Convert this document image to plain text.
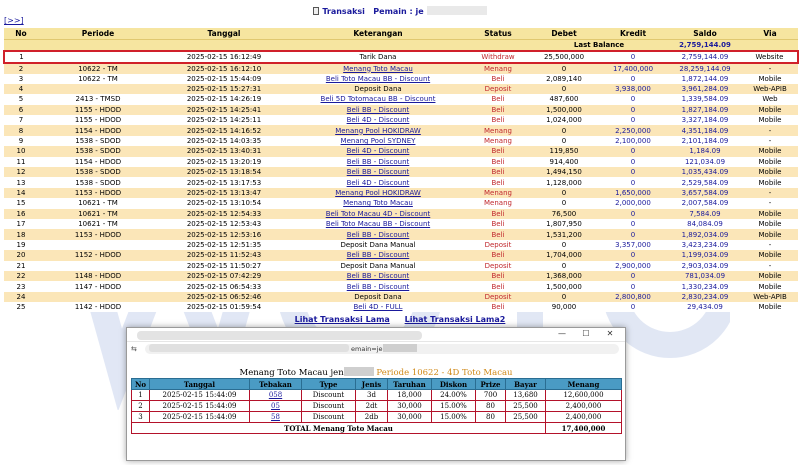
Transaksi Pemain : je
[>>]
No	Periode	Tanggal	Keterangan	Status	Debet	Kredit	Saldo	Via
					Last Balance		2,759,144.09	
1		2025-02-15 16:12:49	Tarik Dana	Withdraw	25,500,000	0	2,759,144.09	Website
2	10622 - TM	2025-02-15 16:12:10	Menang Toto Macau	Menang	0	17,400,000	28,259,144.09	-
3	10622 - TM	2025-02-15 15:44:09	Beli Toto Macau BB - Discount	Beli	2,089,140	0	1,872,144.09	Mobile
4		2025-02-15 15:27:31	Deposit Dana	Deposit	0	3,938,000	3,961,284.09	Web-APIB
5	2413 - TMSD	2025-02-15 14:26:19	Beli 5D Totomacau BB - Discount	Beli	487,600	0	1,339,584.09	Web
6	1155 - HDOD	2025-02-15 14:25:41	Beli BB - Discount	Beli	1,500,000	0	1,827,184.09	Mobile
7	1155 - HDOD	2025-02-15 14:25:11	Beli 4D - Discount	Beli	1,024,000	0	3,327,184.09	Mobile
8	1154 - HDOD	2025-02-15 14:16:52	Menang Pool HOKIDRAW	Menang	0	2,250,000	4,351,184.09	-
9	1538 - SDOD	2025-02-15 14:03:35	Menang Pool SYDNEY	Menang	0	2,100,000	2,101,184.09	-
10	1538 - SDOD	2025-02-15 13:40:31	Beli 4D - Discount	Beli	119,850	0	1,184.09	Mobile
11	1154 - HDOD	2025-02-15 13:20:19	Beli BB - Discount	Beli	914,400	0	121,034.09	Mobile
12	1538 - SDOD	2025-02-15 13:18:54	Beli BB - Discount	Beli	1,494,150	0	1,035,434.09	Mobile
13	1538 - SDOD	2025-02-15 13:17:53	Beli 4D - Discount	Beli	1,128,000	0	2,529,584.09	Mobile
14	1153 - HDOD	2025-02-15 13:13:47	Menang Pool HOKIDRAW	Menang	0	1,650,000	3,657,584.09	-
15	10621 - TM	2025-02-15 13:10:54	Menang Toto Macau	Menang	0	2,000,000	2,007,584.09	-
16	10621 - TM	2025-02-15 12:54:33	Beli Toto Macau 4D - Discount	Beli	76,500	0	7,584.09	Mobile
17	10621 - TM	2025-02-15 12:53:43	Beli Toto Macau BB - Discount	Beli	1,807,950	0	84,084.09	Mobile
18	1153 - HDOD	2025-02-15 12:53:16	Beli BB - Discount	Beli	1,531,200	0	1,892,034.09	Mobile
19		2025-02-15 12:51:35	Deposit Dana Manual	Deposit	0	3,357,000	3,423,234.09	-
20	1152 - HDOD	2025-02-15 11:52:43	Beli BB - Discount	Beli	1,704,000	0	1,199,034.09	Mobile
21		2025-02-15 11:50:27	Deposit Dana Manual	Deposit	0	2,900,000	2,903,034.09	-
22	1148 - HDOD	2025-02-15 07:42:29	Beli BB - Discount	Beli	1,368,000	0	781,034.09	Mobile
23	1147 - HDOD	2025-02-15 06:54:33	Beli BB - Discount	Beli	1,500,000	0	1,330,234.09	Mobile
24		2025-02-15 06:52:46	Deposit Dana	Deposit	0	2,800,800	2,830,234.09	Web-APIB
25	1142 - HDOD	2025-02-15 01:59:54	Beli 4D - FULL	Beli	90,000	0	29,434.09	Mobile
Lihat Transaksi Lama Lihat Transaksi Lama2
—	☐	✕
⇆	emain=je
Menang Toto Macau jen	Periode 10622 - 4D Toto Macau
No	Tanggal	Tebakan	Type	Jenis	Taruhan	Diskon	Prize	Bayar	Menang
1	2025-02-15 15:44:09	058	Discount	3d	18,000	24.00%	700	13,680	12,600,000
2	2025-02-15 15:44:09	05	Discount	2dt	30,000	15.00%	80	25,500	2,400,000
3	2025-02-15 15:44:09	58	Discount	2db	30,000	15.00%	80	25,500	2,400,000
TOTAL Menang Toto Macau									17,400,000
